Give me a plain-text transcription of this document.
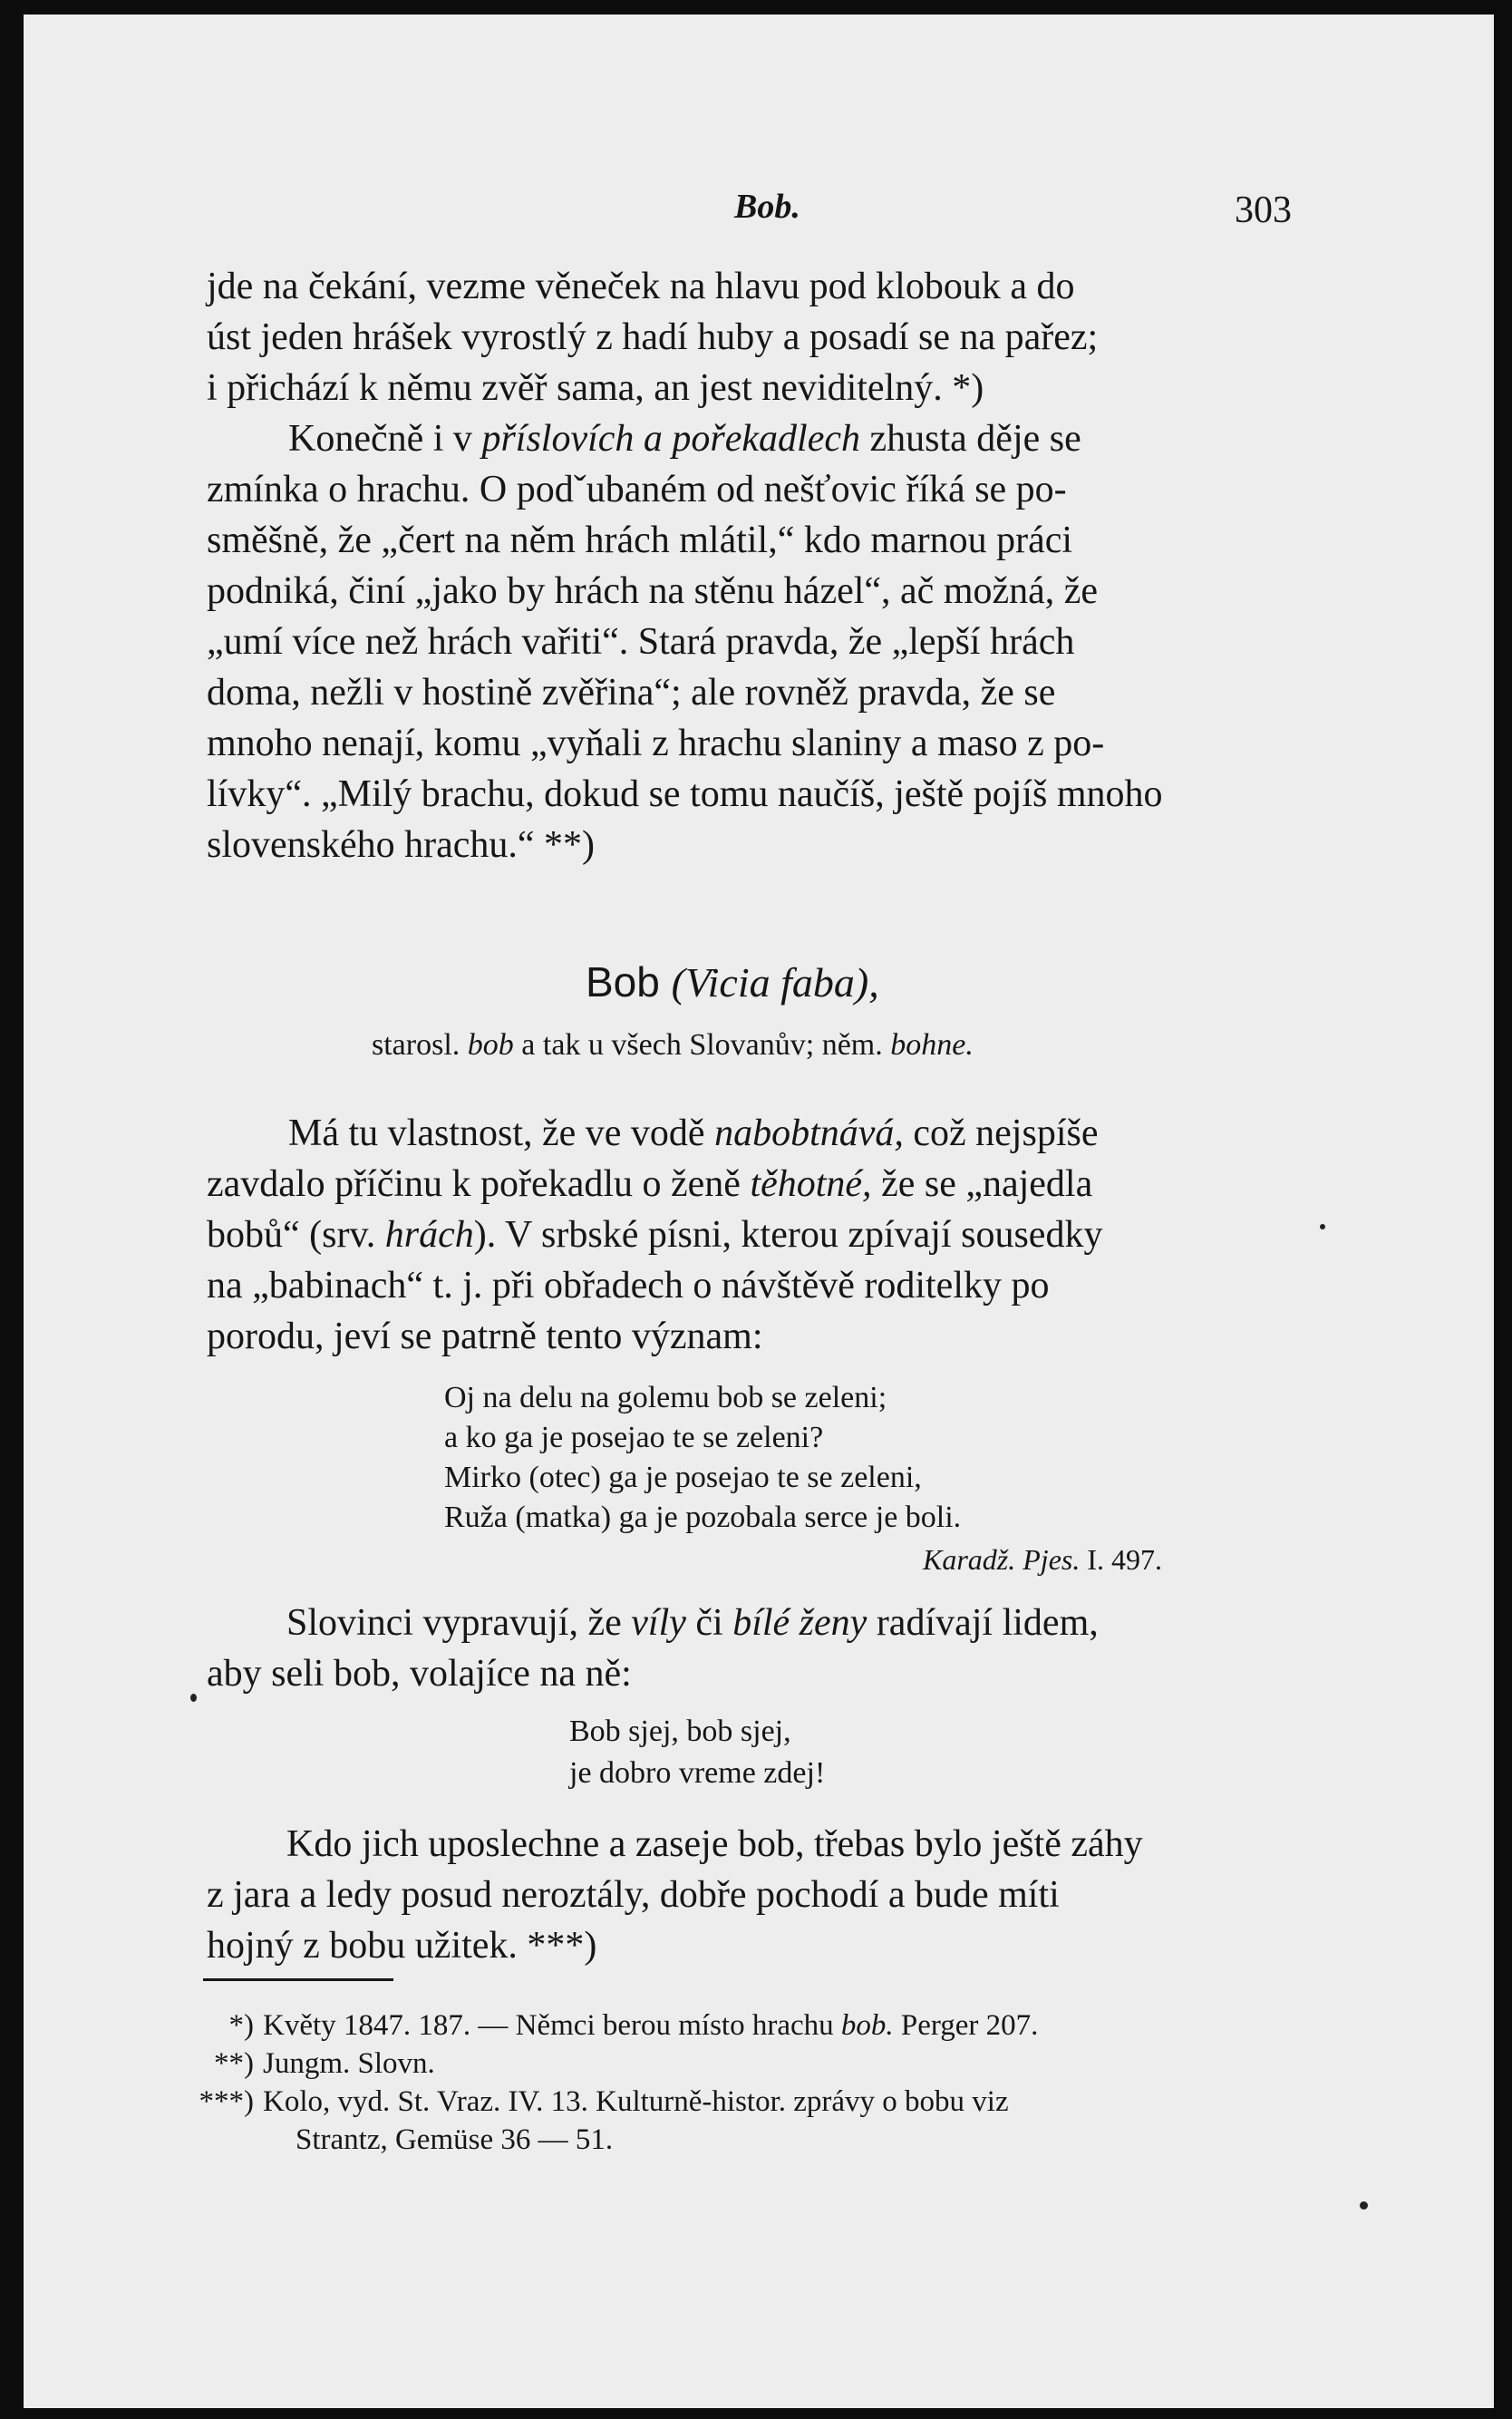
Bob.	303
jde na čekání, vezme věneček na hlavu pod klobouk a do
úst jeden hrášek vyrostlý z hadí huby a posadí se na pařez;
i přichází k němu zvěř sama, an jest neviditelný. *)
Konečně i v příslovích a pořekadlech zhusta děje se
zmínka o hrachu. O podˇubaném od nešťovic říká se po-
směšně, že „čert na něm hrách mlátil,“ kdo marnou práci
podniká, činí „jako by hrách na stěnu házel“, ač možná, že
„umí více než hrách vařiti“. Stará pravda, že „lepší hrách
doma, nežli v hostině zvěřina“; ale rovněž pravda, že se
mnoho nenají, komu „vyňali z hrachu slaniny a maso z po-
lívky“. „Milý brachu, dokud se tomu naučíš, ještě pojíš mnoho
slovenského hrachu.“ **)
Bob (Vicia faba),
starosl. bob a tak u všech Slovanův; něm. bohne.
Má tu vlastnost, že ve vodě nabobtnává, což nejspíše
zavdalo příčinu k pořekadlu o ženě těhotné, že se „najedla
bobů“ (srv. hrách). V srbské písni, kterou zpívají sousedky
na „babinach“ t. j. při obřadech o návštěvě roditelky po
porodu, jeví se patrně tento význam:
Oj na delu na golemu bob se zeleni;
a ko ga je posejao te se zeleni?
Mirko (otec) ga je posejao te se zeleni,
Ruža (matka) ga je pozobala serce je boli.
Karadž. Pjes. I. 497.
Slovinci vypravují, že víly či bílé ženy radívají lidem,
aby seli bob, volajíce na ně:
Bob sjej, bob sjej,
je dobro vreme zdej!
Kdo jich uposlechne a zaseje bob, třebas bylo ještě záhy
z jara a ledy posud neroztály, dobře pochodí a bude míti
hojný z bobu užitek. ***)
*) Květy 1847. 187. — Němci berou místo hrachu bob. Perger 207.
**) Jungm. Slovn.
***) Kolo, vyd. St. Vraz. IV. 13. Kulturně-histor. zprávy o bobu viz
Strantz, Gemüse 36 — 51.
